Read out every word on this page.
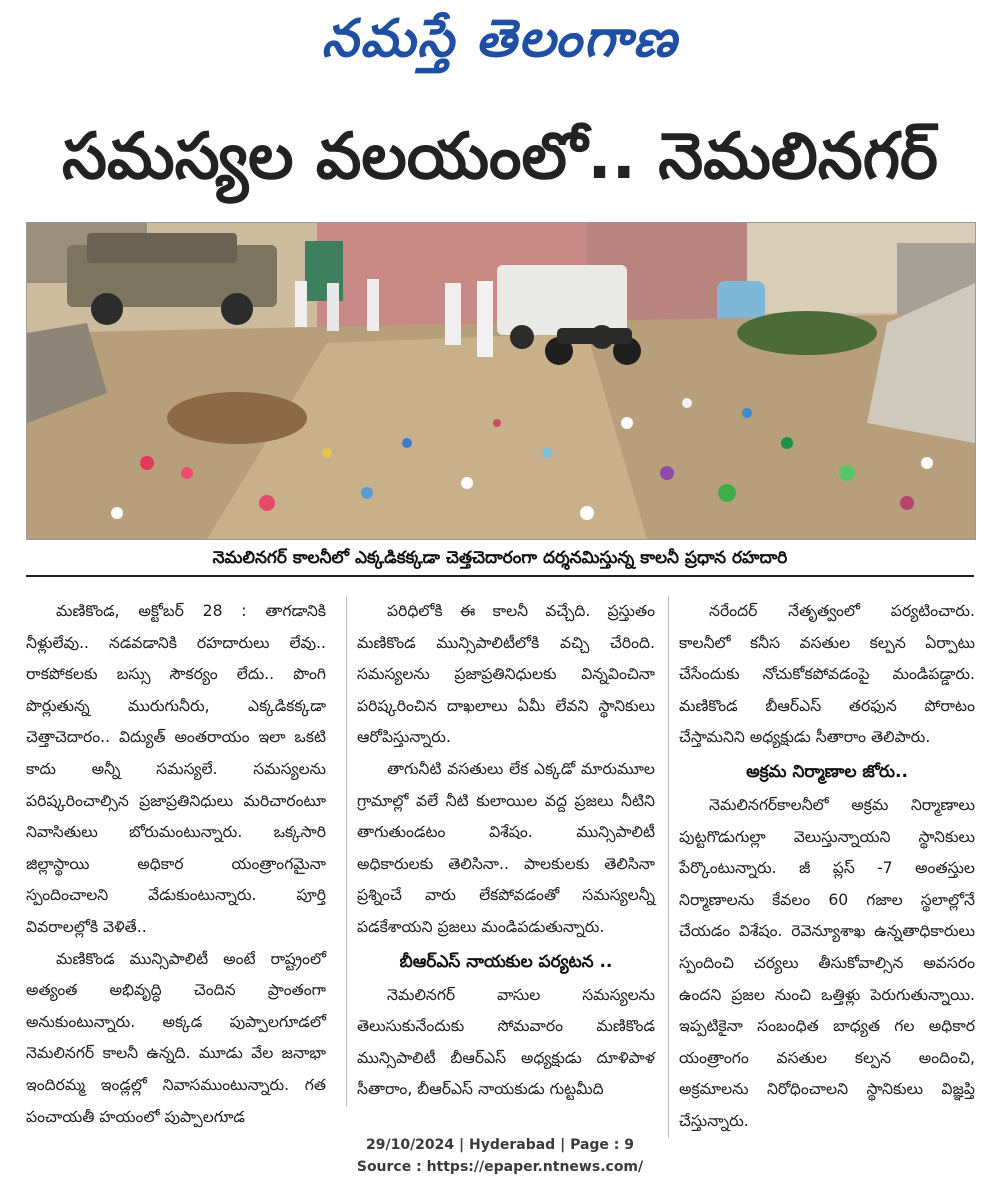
నమస్తే తెలంగాణ
సమస్యల వలయంలో.. నెమలినగర్
నెమలినగర్ కాలనీలో ఎక్కడికక్కడా చెత్తచెదారంగా దర్శనమిస్తున్న కాలనీ ప్రధాన రహదారి

మణికొండ, అక్టోబర్ 28 : తాగడానికి నీళ్లులేవు.. నడవడానికి రహదారులు లేవు.. రాకపోకలకు బస్సు సౌకర్యం లేదు.. పొంగి పొర్లుతున్న మురుగునీరు, ఎక్కడికక్కడా చెత్తాచెదారం.. విద్యుత్ అంతరాయం ఇలా ఒకటి కాదు అన్నీ సమస్యలే. సమస్యలను పరిష్కరించాల్సిన ప్రజాప్రతినిధులు మరిచారంటూ నివాసితులు బోరుమంటున్నారు. ఒక్కసారి జిల్లాస్థాయి అధికార యంత్రాంగమైనా స్పందించాలని వేడుకుంటున్నారు. పూర్తి వివరాలల్లోకి వెళితే..

మణికొండ మున్సిపాలిటీ అంటే రాష్ట్రంలో అత్యంత అభివృద్ధి చెందిన ప్రాంతంగా అనుకుంటున్నారు. అక్కడ పుప్పాలగూడలో నెమలినగర్ కాలనీ ఉన్నది. మూడు వేల జనాభా ఇందిరమ్మ ఇండ్లల్లో నివాసముంటున్నారు. గత పంచాయతీ హయంలో పుప్పాలగూడ

పరిధిలోకి ఈ కాలనీ వచ్చేది. ప్రస్తుతం మణికొండ మున్సిపాలిటీలోకి వచ్చి చేరింది. సమస్యలను ప్రజాప్రతినిధులకు విన్నవించినా పరిష్కరించిన దాఖలాలు ఏమీ లేవని స్థానికులు ఆరోపిస్తున్నారు.

తాగునీటి వసతులు లేక ఎక్కడో మారుమూల గ్రామాల్లో వలే నీటి కులాయిల వద్ద ప్రజలు నీటిని తాగుతుండటం విశేషం. మున్సిపాలిటీ అధికారులకు తెలిసినా.. పాలకులకు తెలిసినా ప్రశ్నించే వారు లేకపోవడంతో సమస్యలన్నీ పడకేశాయని ప్రజలు మండిపడుతున్నారు.

బీఆర్ఎస్ నాయకుల పర్యటన ..

నెమలినగర్ వాసుల సమస్యలను తెలుసుకునేందుకు సోమవారం మణికొండ మున్సిపాలిటీ బీఆర్ఎస్ అధ్యక్షుడు దూళిపాళ సీతారాం, బీఆర్ఎస్ నాయకుడు గుట్టమీది

నరేందర్ నేతృత్వంలో పర్యటించారు. కాలనీలో కనీస వసతుల కల్పన ఏర్పాటు చేసేందుకు నోచుకోకపోవడంపై మండిపడ్డారు. మణికొండ బీఆర్ఎస్ తరఫున పోరాటం చేస్తామనిని అధ్యక్షుడు సీతారాం తెలిపారు.

అక్రమ నిర్మాణాల జోరు..

నెమలినగర్‌కాలనీలో అక్రమ నిర్మాణాలు పుట్టగొడుగుల్లా వెలుస్తున్నాయని స్థానికులు పేర్కొంటున్నారు. జీ ప్లస్ -7 అంతస్తుల నిర్మాణాలను కేవలం 60 గజాల స్థలాల్లోనే చేయడం విశేషం. రెవెన్యూశాఖ ఉన్నతాధికారులు స్పందించి చర్యలు తీసుకోవాల్సిన అవసరం ఉందని ప్రజల నుంచి ఒత్తిళ్లు పెరుగుతున్నాయి. ఇప్పటికైనా సంబంధిత బాధ్యత గల అధికార యంత్రాంగం వసతుల కల్పన అందించి, అక్రమాలను నిరోధించాలని స్థానికులు విజ్ఞప్తి చేస్తున్నారు.

29/10/2024 | Hyderabad | Page : 9
Source : https://epaper.ntnews.com/
